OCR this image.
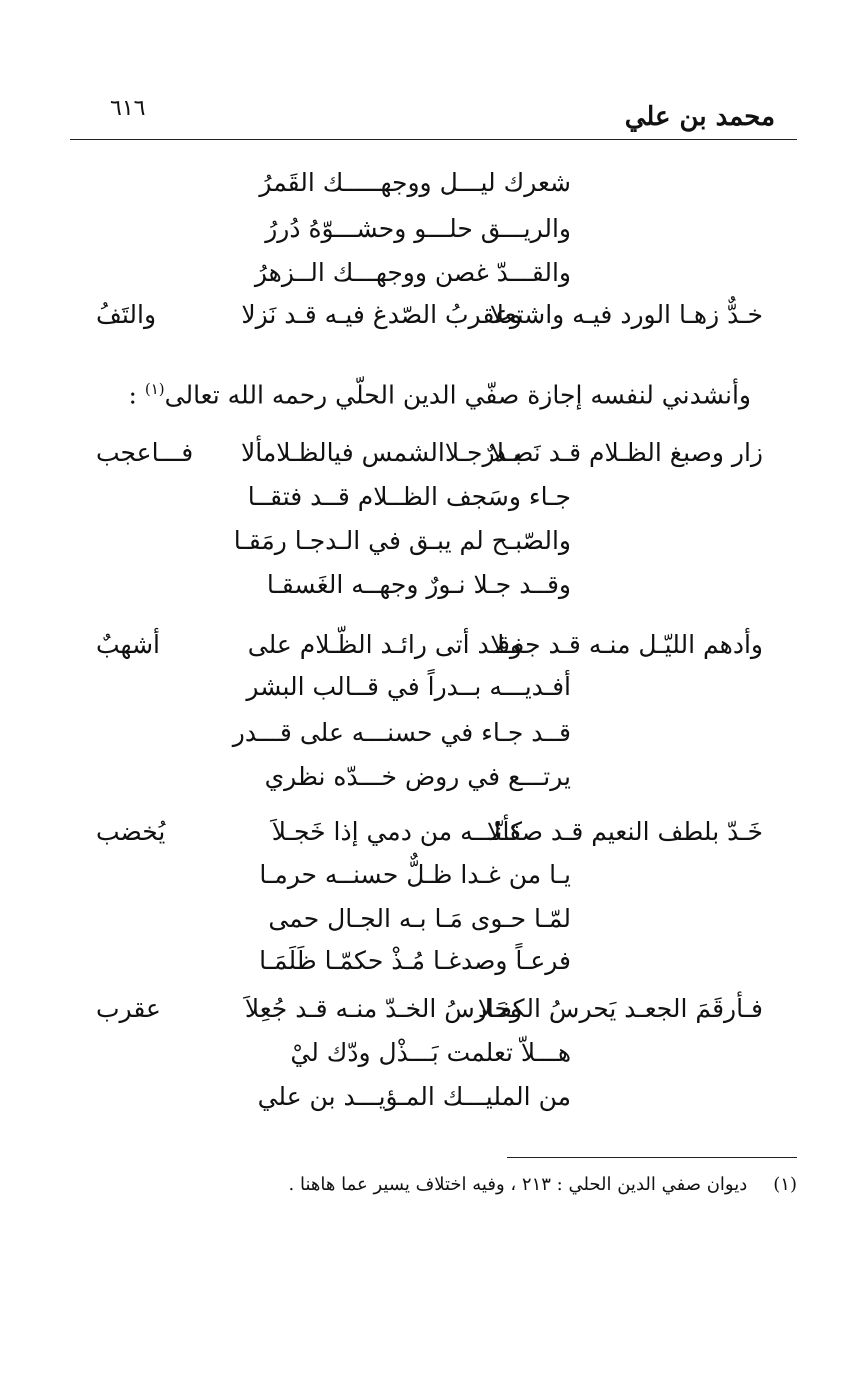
محمد بن علي
٦١٦
شعرك ليـــل ووجهـــــك القَمرُ
والريـــق حلـــو وحشـــوّهُ دُررُ
والقـــدّ غصن ووجهـــك الــزهرُ
خـدٌّ زهـا الورد فيـه واشتعلا
وعقربُ الصّدغ فيـه قـد نَزلا
والتَفُ
وأنشدني لنفسه إجازة صفّي الدين الحلّي رحمه الله تعالى$^{(١)}$ :
زار وصبغ الظـلام قـد نَصـلا
بـدرٌجـلاالشمس فيالظـلامألا
فـــاعجب
جـاء وسَجف الظــلام قــد فتقــا
والصّبـح لم يبـق في الـدجـا رمَقـا
وقــد جـلا نـورٌ وجهــه الغَسقـا
وأدهم الليّـل منـه قـد جفـلا
وقـد أتى رائـد الظّـلام على
أشهبٌ
أفـديـــه بــدراً في قــالب البشر
قــد جـاء في حسنـــه على قـــدر
يرتـــع في روض خـــدّه نظري
خَـدّ بلطف النعيم قـد صقـلا
كأنّـــه من دمي إذا خَجـلاَ
يُخضب
يـا من غـدا ظـلٌّ حسنــه حرمـا
لمّـا حـوى مَـا بـه الجـال حمى
فرعـاً وصدغـا مُـذْ حكمّـا ظَلَمَـا
فـأرقَمَ الجعـد يَحرسُ الكفـلا
وحَارسُ الخـدّ منـه قـد جُعِلاَ
عقرب
هـــلاّ تعلمت بَـــذْل ودّك ليْ
من المليـــك المـؤيـــد بن علي
(١)ديوان صفي الدين الحلي : ٢١٣ ، وفيه اختلاف يسير عما هاهنا .
